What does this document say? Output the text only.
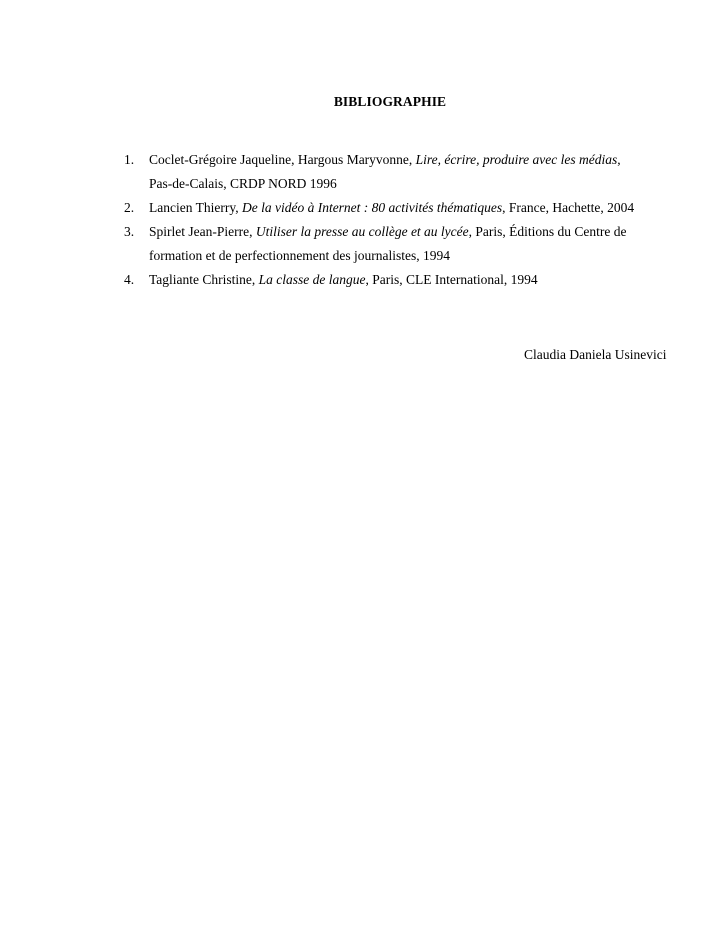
BIBLIOGRAPHIE
1. Coclet-Grégoire Jaqueline, Hargous Maryvonne, Lire, écrire, produire avec les médias,
Pas-de-Calais, CRDP NORD 1996
2. Lancien Thierry, De la vidéo à Internet : 80 activités thématiques, France, Hachette, 2004
3. Spirlet Jean-Pierre, Utiliser la presse au collège et au lycée, Paris, Éditions du Centre de
formation et de perfectionnement des journalistes, 1994
4. Tagliante Christine, La classe de langue, Paris, CLE International, 1994
Claudia Daniela Usinevici
